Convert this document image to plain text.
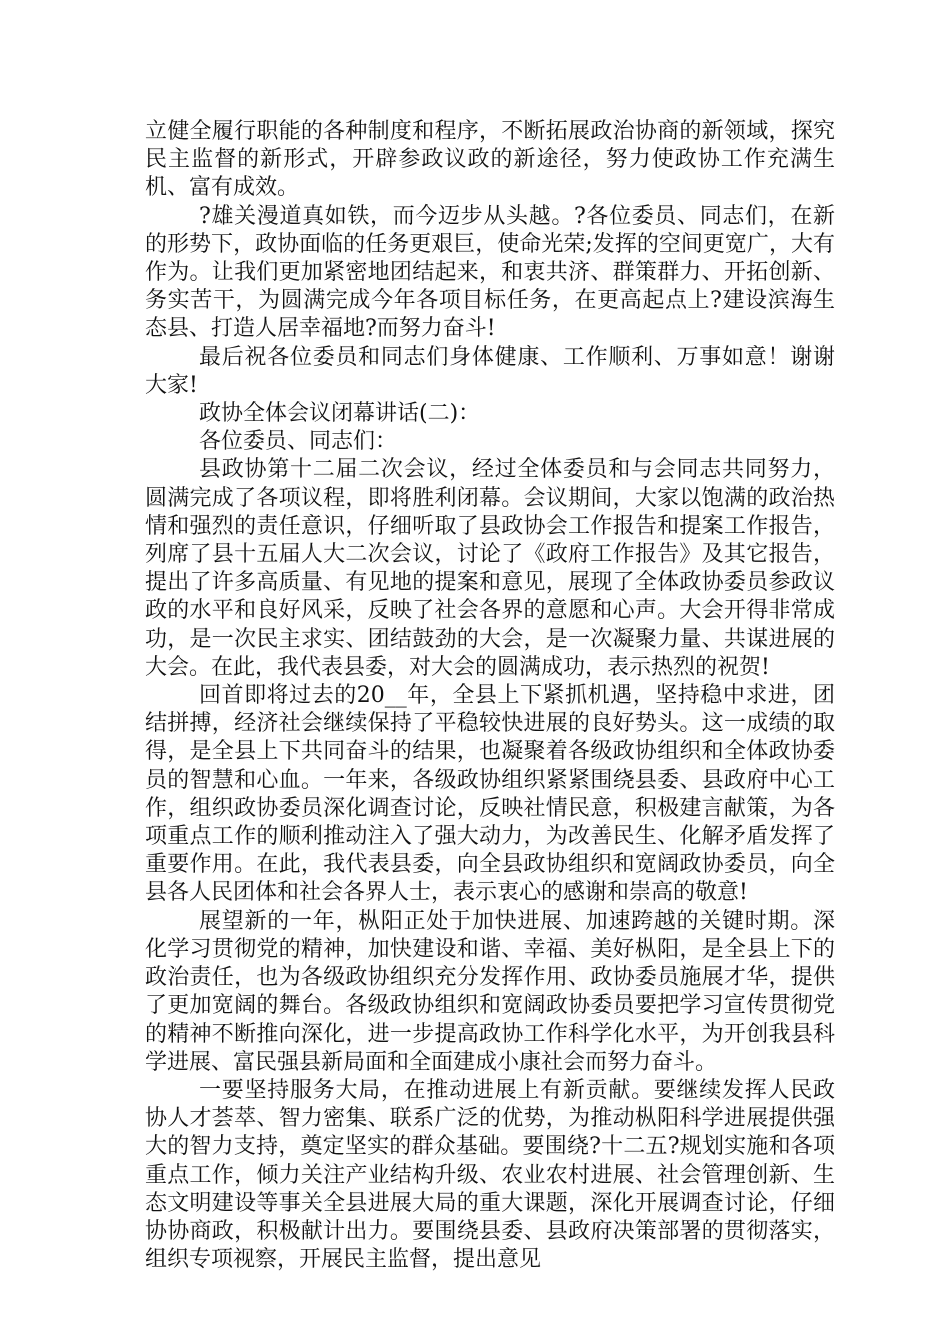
立健全履行职能的各种制度和程序，不断拓展政治协商的新领域，探究民主监督的新形式，开辟参政议政的新途径，努力使政协工作充满生机、富有成效。

?雄关漫道真如铁，而今迈步从头越。?各位委员、同志们，在新的形势下，政协面临的任务更艰巨，使命光荣;发挥的空间更宽广，大有作为。让我们更加紧密地团结起来，和衷共济、群策群力、开拓创新、务实苦干，为圆满完成今年各项目标任务，在更高起点上?建设滨海生态县、打造人居幸福地?而努力奋斗!

最后祝各位委员和同志们身体健康、工作顺利、万事如意！谢谢大家!

政协全体会议闭幕讲话(二)：

各位委员、同志们：

县政协第十二届二次会议，经过全体委员和与会同志共同努力，圆满完成了各项议程，即将胜利闭幕。会议期间，大家以饱满的政治热情和强烈的责任意识，仔细听取了县政协会工作报告和提案工作报告，列席了县十五届人大二次会议，讨论了《政府工作报告》及其它报告，提出了许多高质量、有见地的提案和意见，展现了全体政协委员参政议政的水平和良好风采，反映了社会各界的意愿和心声。大会开得非常成功，是一次民主求实、团结鼓劲的大会，是一次凝聚力量、共谋进展的大会。在此，我代表县委，对大会的圆满成功，表示热烈的祝贺!

回首即将过去的20__年，全县上下紧抓机遇，坚持稳中求进，团结拼搏，经济社会继续保持了平稳较快进展的良好势头。这一成绩的取得，是全县上下共同奋斗的结果，也凝聚着各级政协组织和全体政协委员的智慧和心血。一年来，各级政协组织紧紧围绕县委、县政府中心工作，组织政协委员深化调查讨论，反映社情民意，积极建言献策，为各项重点工作的顺利推动注入了强大动力，为改善民生、化解矛盾发挥了重要作用。在此，我代表县委，向全县政协组织和宽阔政协委员，向全县各人民团体和社会各界人士，表示衷心的感谢和崇高的敬意!

展望新的一年，枞阳正处于加快进展、加速跨越的关键时期。深化学习贯彻党的精神，加快建设和谐、幸福、美好枞阳，是全县上下的政治责任，也为各级政协组织充分发挥作用、政协委员施展才华，提供了更加宽阔的舞台。各级政协组织和宽阔政协委员要把学习宣传贯彻党的精神不断推向深化，进一步提高政协工作科学化水平，为开创我县科学进展、富民强县新局面和全面建成小康社会而努力奋斗。

一要坚持服务大局，在推动进展上有新贡献。要继续发挥人民政协人才荟萃、智力密集、联系广泛的优势，为推动枞阳科学进展提供强大的智力支持，奠定坚实的群众基础。要围绕?十二五?规划实施和各项重点工作，倾力关注产业结构升级、农业农村进展、社会管理创新、生态文明建设等事关全县进展大局的重大课题，深化开展调查讨论，仔细协协商政，积极献计出力。要围绕县委、县政府决策部署的贯彻落实，组织专项视察，开展民主监督，提出意见
